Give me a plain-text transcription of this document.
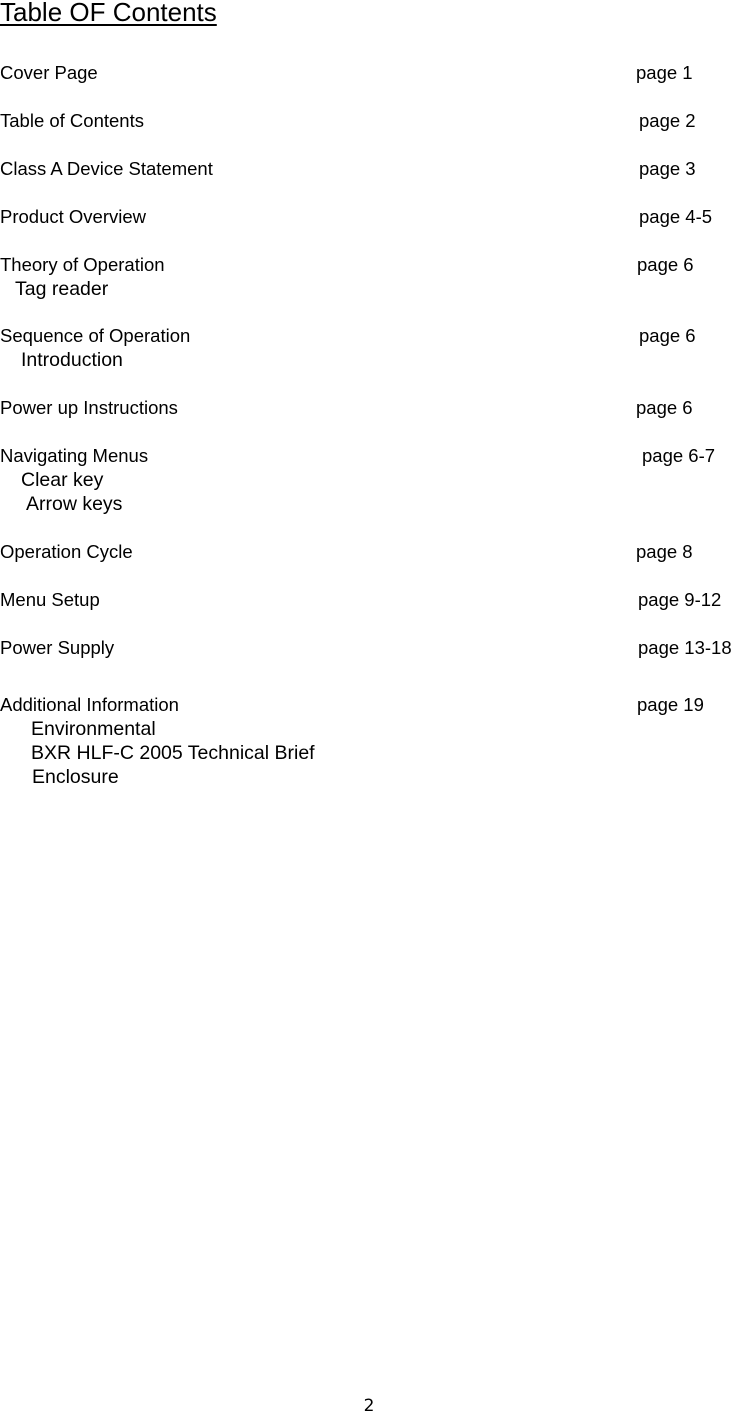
Table OF Contents
Cover Page	page 1
Table of Contents	page 2
Class A Device Statement	page 3
Product Overview	page 4-5
Theory of Operation	page 6
Tag reader
Sequence of Operation	page 6
Introduction
Power up Instructions	page 6
Navigating Menus	page 6-7
Clear key
Arrow keys
Operation Cycle	page 8
Menu Setup	page 9-12
Power Supply	page 13-18
Additional Information	page 19
Environmental
BXR HLF-C 2005 Technical Brief
Enclosure
2
